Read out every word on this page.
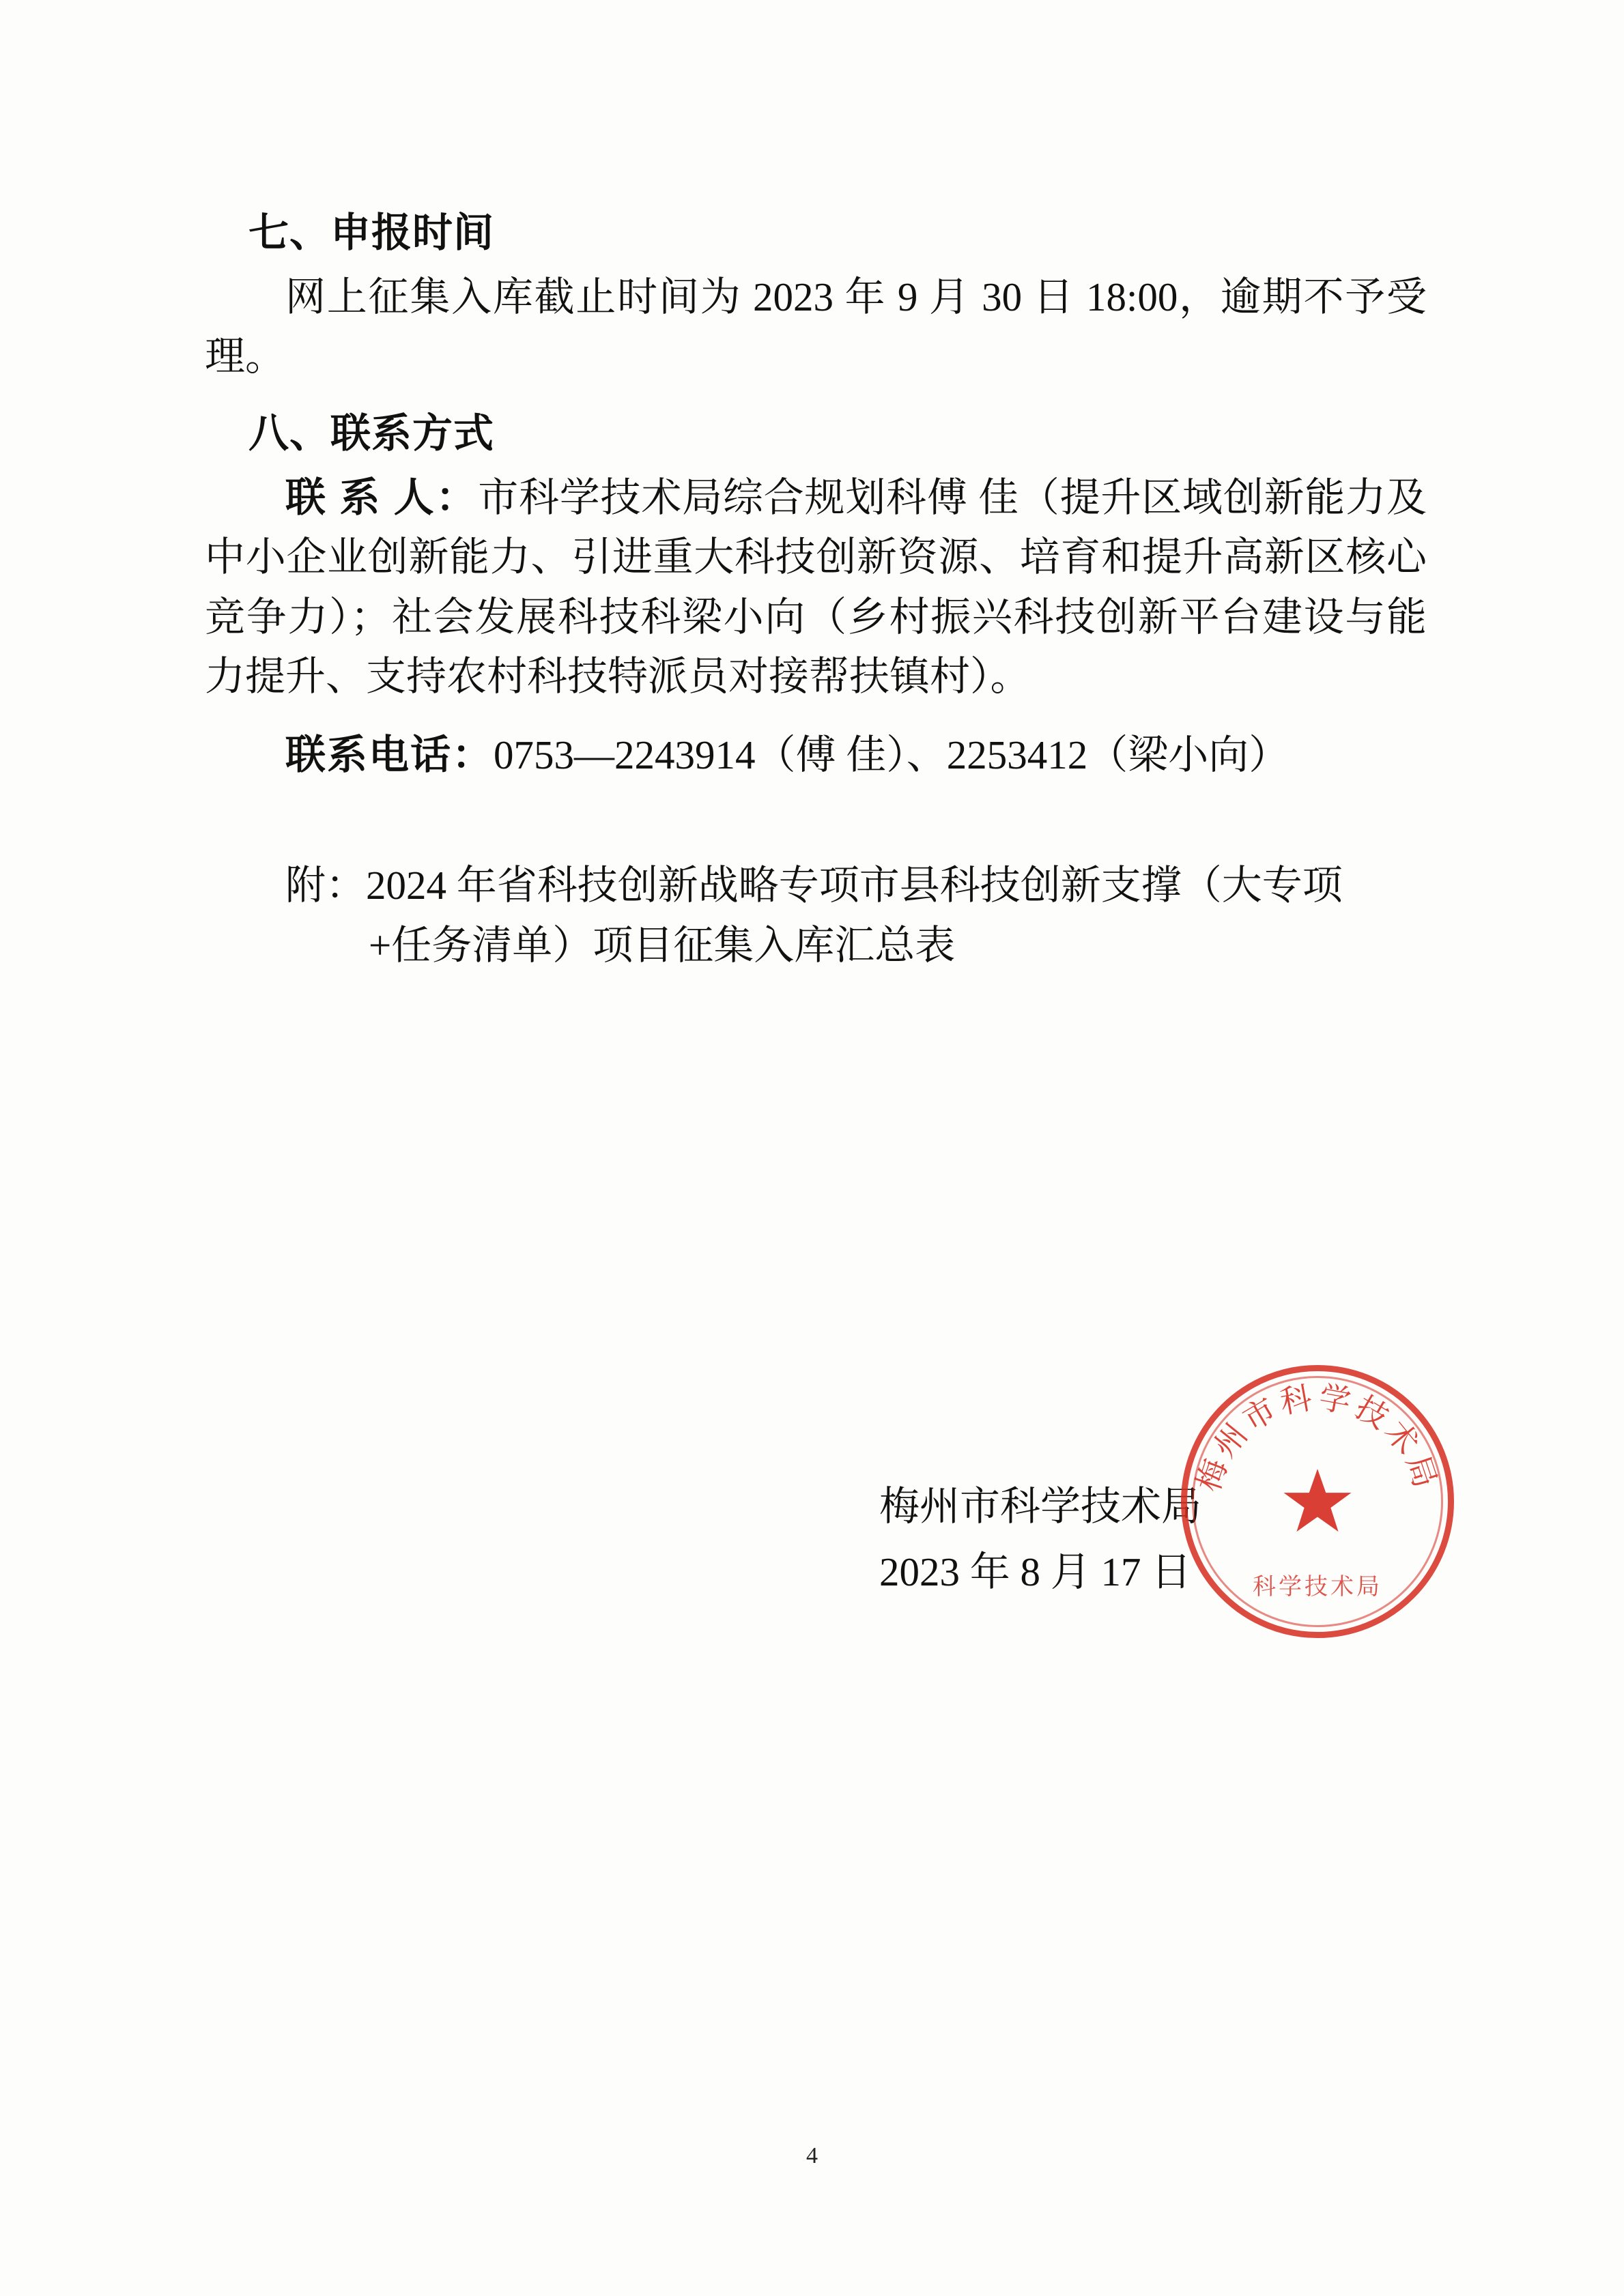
七、申报时间

网上征集入库截止时间为 2023 年 9 月 30 日 18:00，逾期不予受理。

八、联系方式

联 系 人：市科学技术局综合规划科傅 佳（提升区域创新能力及中小企业创新能力、引进重大科技创新资源、培育和提升高新区核心竞争力）；社会发展科技科梁小向（乡村振兴科技创新平台建设与能力提升、支持农村科技特派员对接帮扶镇村）。

联系电话：0753—2243914（傅 佳）、2253412（梁小向）

附：2024 年省科技创新战略专项市县科技创新支撑（大专项
+任务清单）项目征集入库汇总表

梅州市科学技术局
2023 年 8 月 17 日
梅州市科学技术局
科学技术局
4
